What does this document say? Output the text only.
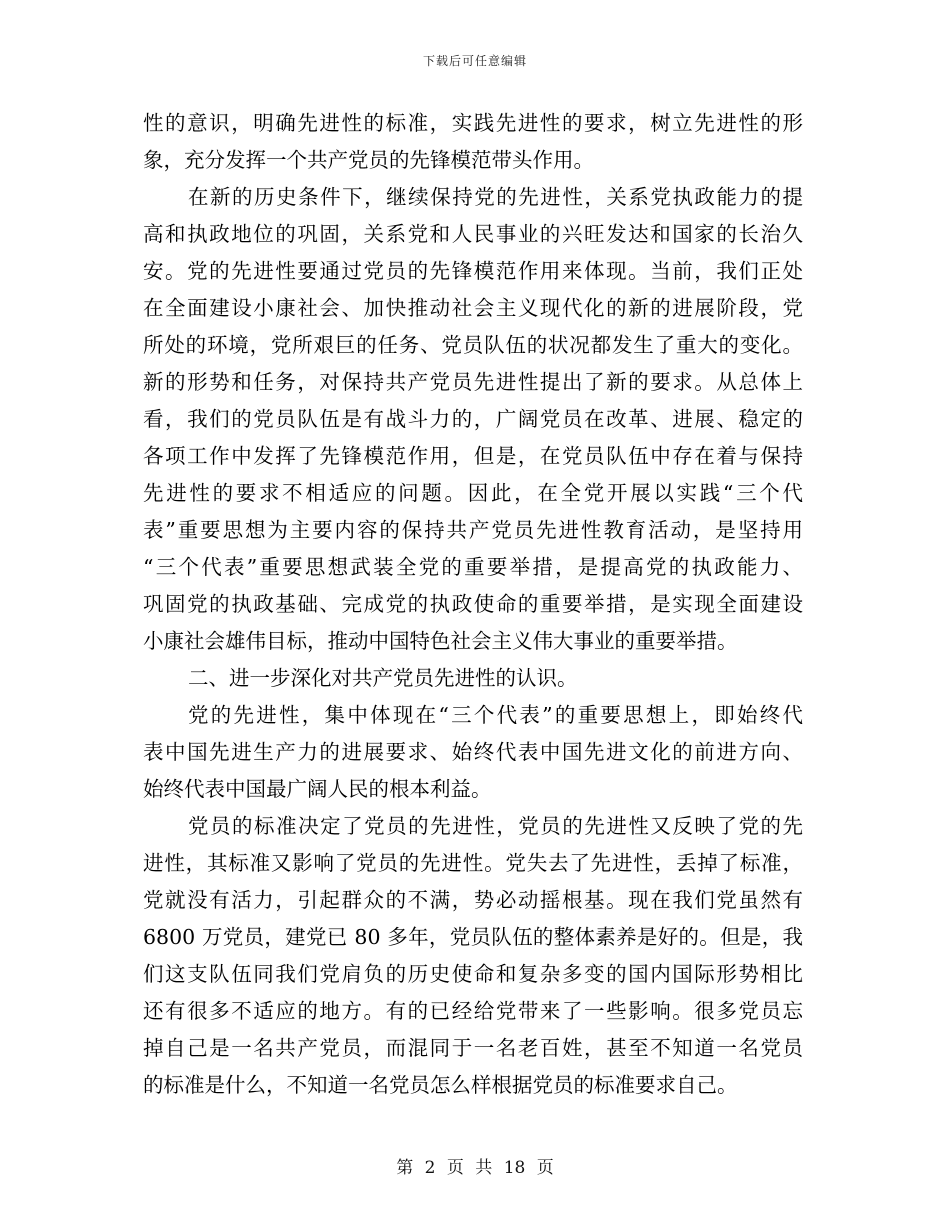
下载后可任意编辑
性的意识，明确先进性的标准，实践先进性的要求，树立先进性的形
象，充分发挥一个共产党员的先锋模范带头作用。
在新的历史条件下，继续保持党的先进性，关系党执政能力的提
高和执政地位的巩固，关系党和人民事业的兴旺发达和国家的长治久
安。党的先进性要通过党员的先锋模范作用来体现。当前，我们正处
在全面建设小康社会、加快推动社会主义现代化的新的进展阶段，党
所处的环境，党所艰巨的任务、党员队伍的状况都发生了重大的变化。
新的形势和任务，对保持共产党员先进性提出了新的要求。从总体上
看，我们的党员队伍是有战斗力的，广阔党员在改革、进展、稳定的
各项工作中发挥了先锋模范作用，但是，在党员队伍中存在着与保持
先进性的要求不相适应的问题。因此，在全党开展以实践“三个代
表”重要思想为主要内容的保持共产党员先进性教育活动，是坚持用
“三个代表”重要思想武装全党的重要举措，是提高党的执政能力、
巩固党的执政基础、完成党的执政使命的重要举措，是实现全面建设
小康社会雄伟目标，推动中国特色社会主义伟大事业的重要举措。
二、进一步深化对共产党员先进性的认识。
党的先进性，集中体现在“三个代表”的重要思想上，即始终代
表中国先进生产力的进展要求、始终代表中国先进文化的前进方向、
始终代表中国最广阔人民的根本利益。
党员的标准决定了党员的先进性，党员的先进性又反映了党的先
进性，其标准又影响了党员的先进性。党失去了先进性，丢掉了标准，
党就没有活力，引起群众的不满，势必动摇根基。现在我们党虽然有
6800 万党员，建党已 80 多年，党员队伍的整体素养是好的。但是，我
们这支队伍同我们党肩负的历史使命和复杂多变的国内国际形势相比
还有很多不适应的地方。有的已经给党带来了一些影响。很多党员忘
掉自己是一名共产党员，而混同于一名老百姓，甚至不知道一名党员
的标准是什么，不知道一名党员怎么样根据党员的标准要求自己。
第 2 页 共 18 页
